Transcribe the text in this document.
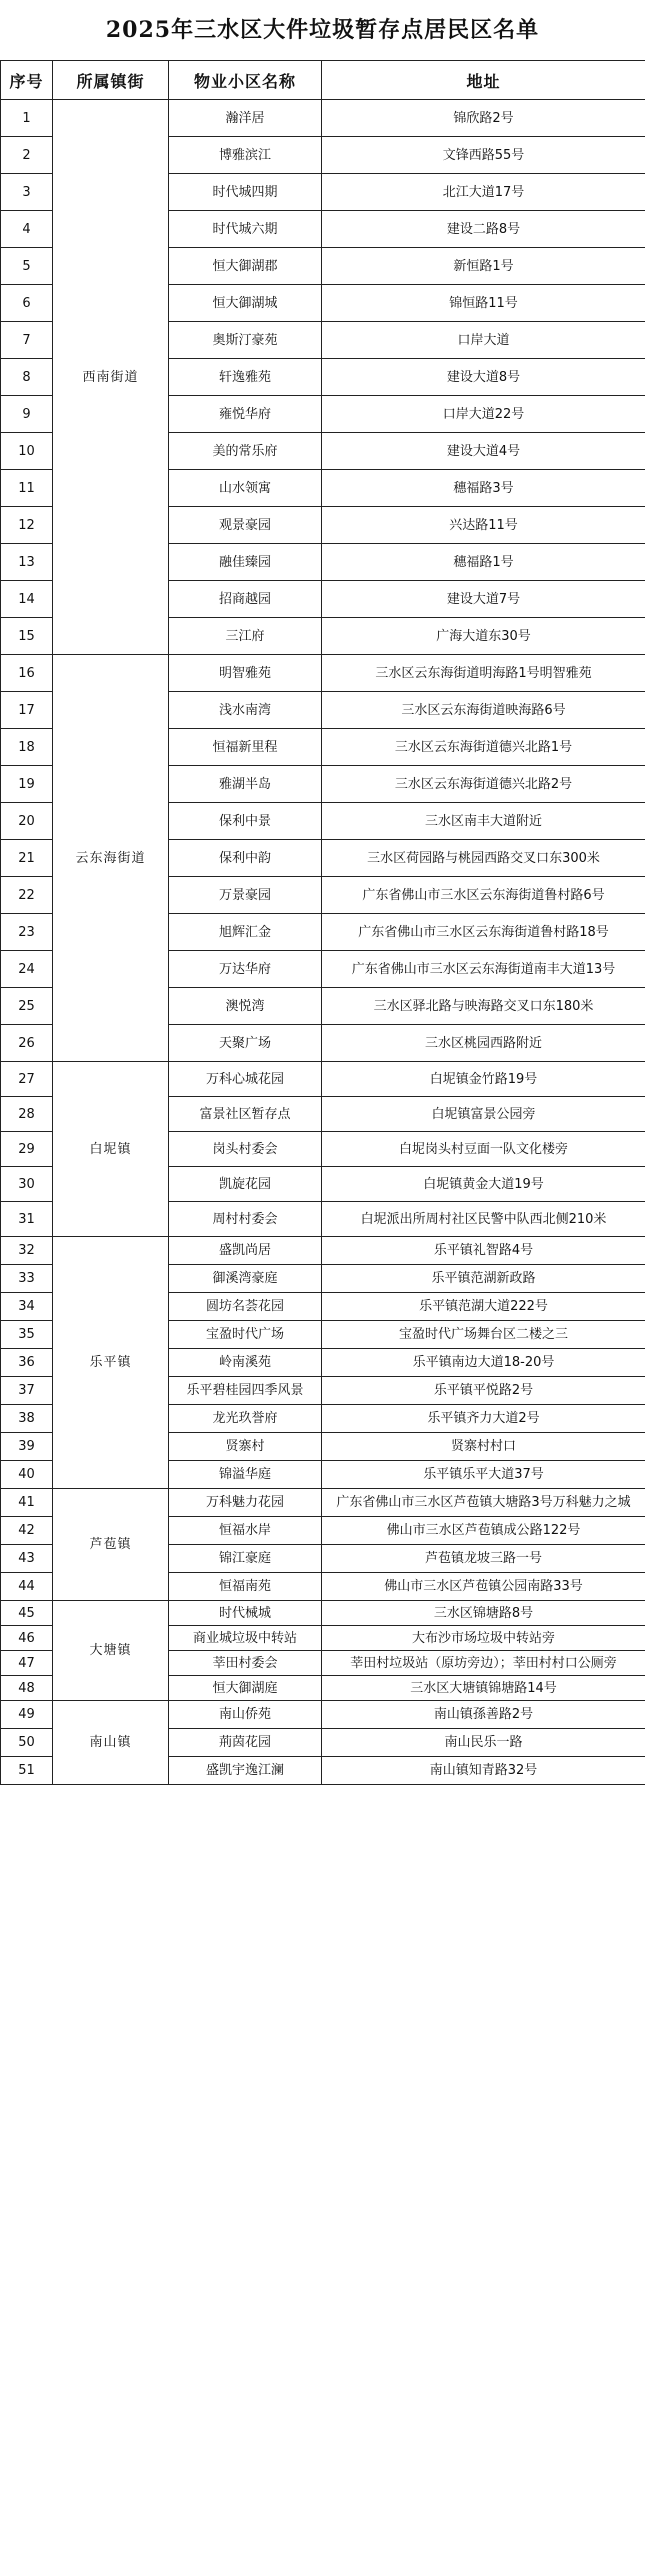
2025年三水区大件垃圾暂存点居民区名单
序号	所属镇街	物业小区名称	地址
1	西南街道	瀚洋居	锦欣路2号
2		博雅滨江	文锋西路55号
3		时代城四期	北江大道17号
4		时代城六期	建设二路8号
5		恒大御湖郡	新恒路1号
6		恒大御湖城	锦恒路11号
7		奥斯汀豪苑	口岸大道
8		轩逸雅苑	建设大道8号
9		雍悦华府	口岸大道22号
10		美的常乐府	建设大道4号
11		山水领寓	穗福路3号
12		观景豪园	兴达路11号
13		融佳臻园	穗福路1号
14		招商越园	建设大道7号
15		三江府	广海大道东30号
16	云东海街道	明智雅苑	三水区云东海街道明海路1号明智雅苑
17		浅水南湾	三水区云东海街道映海路6号
18		恒福新里程	三水区云东海街道德兴北路1号
19		雅湖半岛	三水区云东海街道德兴北路2号
20		保利中景	三水区南丰大道附近
21		保利中韵	三水区荷园路与桃园西路交叉口东300米
22		万景豪园	广东省佛山市三水区云东海街道鲁村路6号
23		旭辉汇金	广东省佛山市三水区云东海街道鲁村路18号
24		万达华府	广东省佛山市三水区云东海街道南丰大道13号
25		澳悦湾	三水区驿北路与映海路交叉口东180米
26		天聚广场	三水区桃园西路附近
27	白坭镇	万科心城花园	白坭镇金竹路19号
28		富景社区暂存点	白坭镇富景公园旁
29		岗头村委会	白坭岗头村豆面一队文化楼旁
30		凯旋花园	白坭镇黄金大道19号
31		周村村委会	白坭派出所周村社区民警中队西北侧210米
32	乐平镇	盛凯尚居	乐平镇礼智路4号
33		御溪湾豪庭	乐平镇范湖新政路
34		圆坊名荟花园	乐平镇范湖大道222号
35		宝盈时代广场	宝盈时代广场舞台区二楼之三
36		岭南溪苑	乐平镇南边大道18-20号
37		乐平碧桂园四季风景	乐平镇平悦路2号
38		龙光玖誉府	乐平镇齐力大道2号
39		贤寨村	贤寨村村口
40		锦溢华庭	乐平镇乐平大道37号
41	芦苞镇	万科魅力花园	广东省佛山市三水区芦苞镇大塘路3号万科魅力之城
42		恒福水岸	佛山市三水区芦苞镇成公路122号
43		锦江豪庭	芦苞镇龙坡三路一号
44		恒福南苑	佛山市三水区芦苞镇公园南路33号
45	大塘镇	时代械城	三水区锦塘路8号
46		商业城垃圾中转站	大布沙市场垃圾中转站旁
47		莘田村委会	莘田村垃圾站（原坊旁边）；莘田村村口公厕旁
48		恒大御湖庭	三水区大塘镇锦塘路14号
49	南山镇	南山侨苑	南山镇孫善路2号
50		荊茵花园	南山民乐一路
51		盛凯宇逸江澜	南山镇知青路32号
